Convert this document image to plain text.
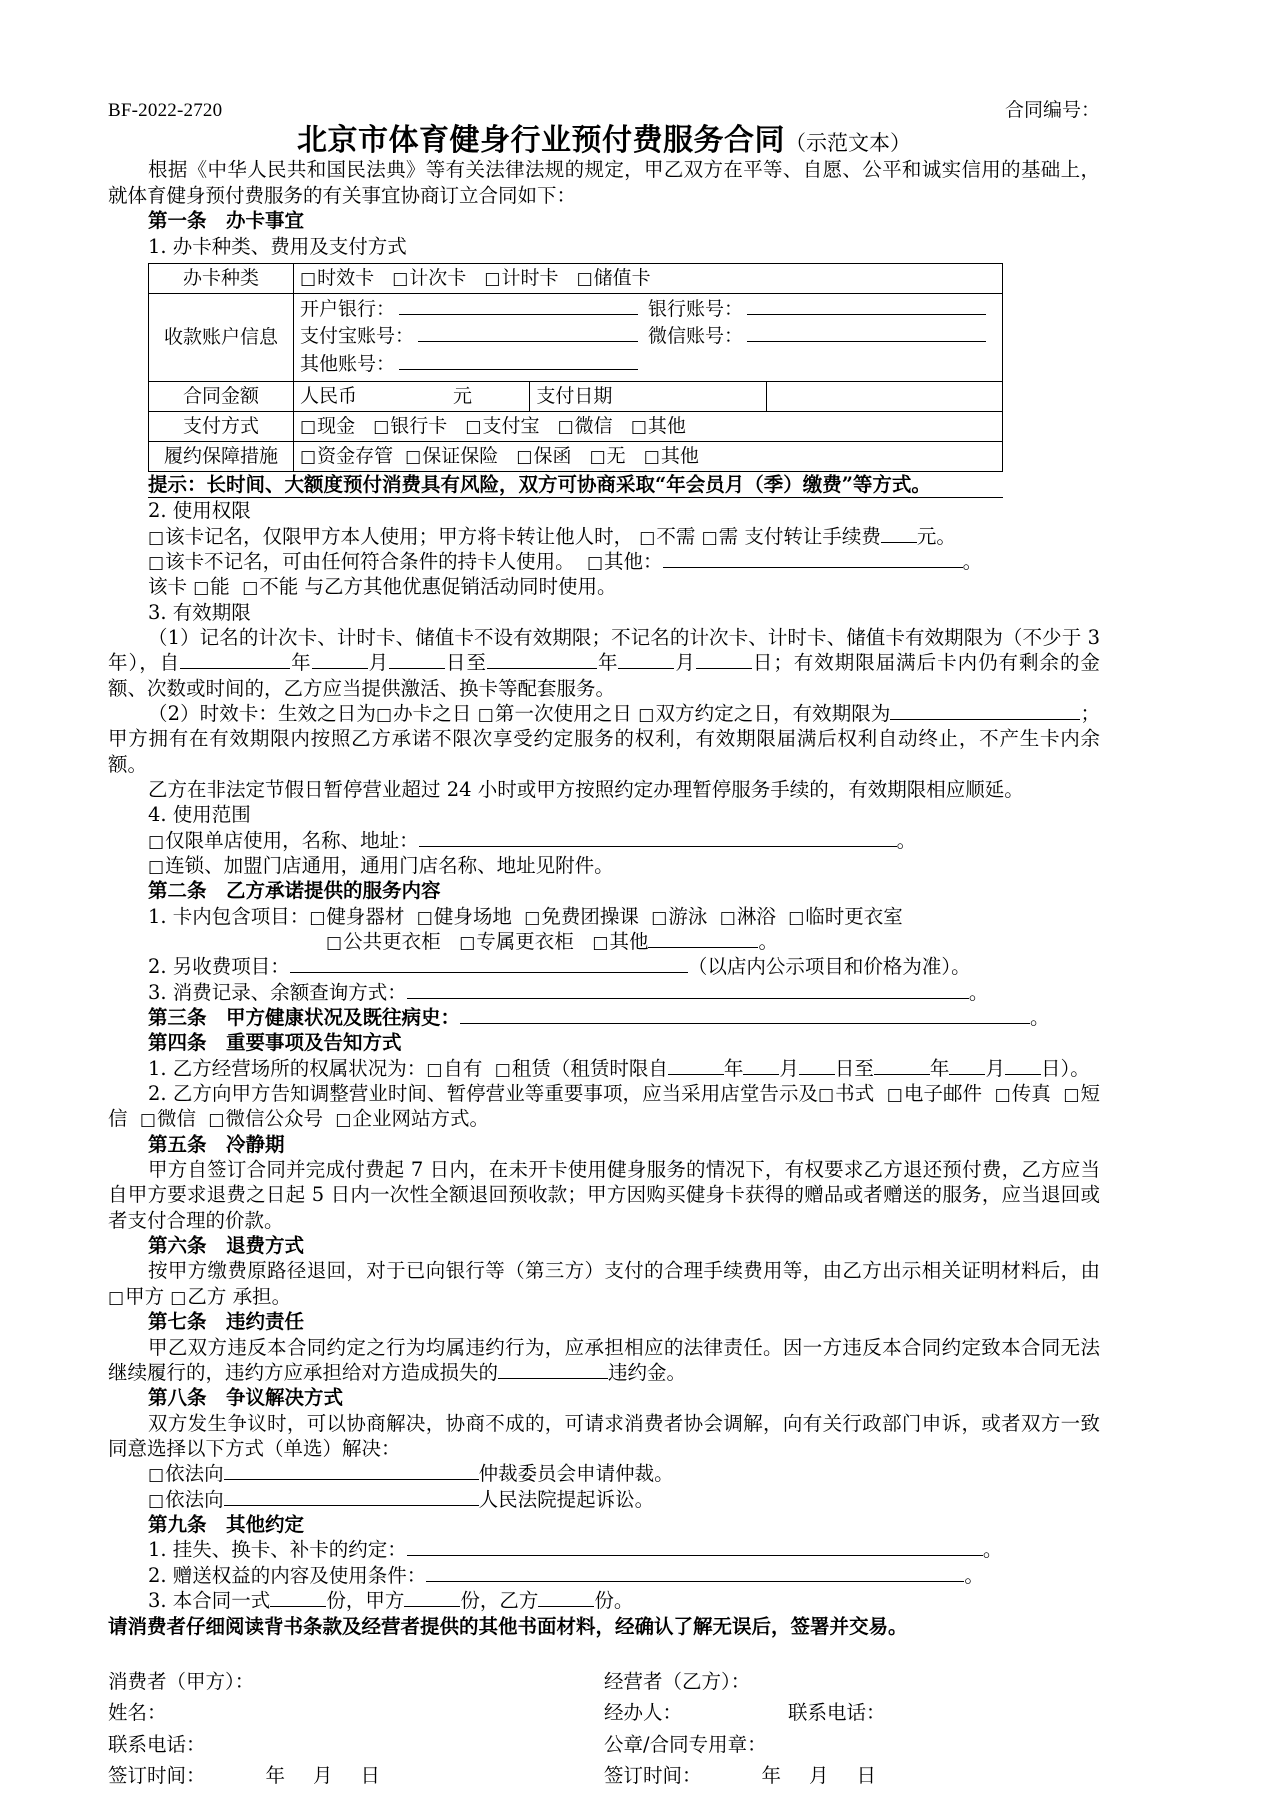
BF-2022-2720	合同编号：
北京市体育健身行业预付费服务合同（示范文本）

根据《中华人民共和国民法典》等有关法律法规的规定，甲乙双方在平等、自愿、公平和诚实信用的基础上，就体育健身预付费服务的有关事宜协商订立合同如下：

第一条　办卡事宜

1. 办卡种类、费用及支付方式

办卡种类	□ 时效卡 □ 计次卡 □ 计时卡 □ 储值卡
收款账户信息	开户银行： 银行账号：
支付宝账号： 微信账号：
其他账号：		

合同金额	人民币 元	支付日期	
支付方式	□ 现金 □ 银行卡 □ 支付宝 □ 微信 □ 其他
履约保障措施	□ 资金存管 □ 保证保险 □ 保函 □ 无 □ 其他
提示：长时间、大额度预付消费具有风险，双方可协商采取“年会员月（季）缴费”等方式。

2. 使用权限

□ 该卡记名，仅限甲方本人使用；甲方将卡转让他人时， □ 不需 □ 需 支付转让手续费 元。

□ 该卡不记名，可由任何符合条件的持卡人使用。 □ 其他：	。

该卡 □ 能 □ 不能 与乙方其他优惠促销活动同时使用。

3. 有效期限

（1）记名的计次卡、计时卡、储值卡不设有效期限；不记名的计次卡、计时卡、储值卡有效期限为（不少于 3 年），自	年	月	日至	年	月	日；有效期限届满后卡内仍有剩余的金额、次数或时间的，乙方应当提供激活、换卡等配套服务。

（2）时效卡：生效之日为 □ 办卡之日 □ 第一次使用之日 □ 双方约定之日，有效期限为	；甲方拥有在有效期限内按照乙方承诺不限次享受约定服务的权利，有效期限届满后权利自动终止，不产生卡内余额。

乙方在非法定节假日暂停营业超过 24 小时或甲方按照约定办理暂停服务手续的，有效期限相应顺延。

4. 使用范围

□ 仅限单店使用，名称、地址：	。

□ 连锁、加盟门店通用，通用门店名称、地址见附件。

第二条　乙方承诺提供的服务内容

1. 卡内包含项目： □ 健身器材 □ 健身场地 □ 免费团操课 □ 游泳 □ 淋浴 □ 临时更衣室

□ 公共更衣柜 □ 专属更衣柜 □ 其他	。

2. 另收费项目：	（以店内公示项目和价格为准）。

3. 消费记录、余额查询方式：	。

第三条　甲方健康状况及既往病史：	。

第四条　重要事项及告知方式

1. 乙方经营场所的权属状况为： □ 自有 □ 租赁（租赁时限自	年 月 日至	年 月 日）。

2. 乙方向甲方告知调整营业时间、暂停营业等重要事项，应当采用店堂告示及 □ 书式 □ 电子邮件 □ 传真 □ 短信 □ 微信 □ 微信公众号 □ 企业网站方式。

第五条　冷静期

甲方自签订合同并完成付费起 7 日内，在未开卡使用健身服务的情况下，有权要求乙方退还预付费，乙方应当自甲方要求退费之日起 5 日内一次性全额退回预收款；甲方因购买健身卡获得的赠品或者赠送的服务，应当退回或者支付合理的价款。

第六条　退费方式

按甲方缴费原路径退回，对于已向银行等（第三方）支付的合理手续费用等，由乙方出示相关证明材料后，由□ 甲方 □ 乙方 承担。

第七条　违约责任

甲乙双方违反本合同约定之行为均属违约行为，应承担相应的法律责任。因一方违反本合同约定致本合同无法继续履行的，违约方应承担给对方造成损失的	违约金。

第八条　争议解决方式

双方发生争议时，可以协商解决，协商不成的，可请求消费者协会调解，向有关行政部门申诉，或者双方一致同意选择以下方式（单选）解决：

□ 依法向	仲裁委员会申请仲裁。

□ 依法向	人民法院提起诉讼。

第九条　其他约定

1. 挂失、换卡、补卡的约定：	。

2. 赠送权益的内容及使用条件：	。

3. 本合同一式	份，甲方	份，乙方	份。

请消费者仔细阅读背书条款及经营者提供的其他书面材料，经确认了解无误后，签署并交易。

消费者（甲方）：
姓名：
联系电话：
签订时间：	年 月 日
经营者（乙方）：
经办人：	联系电话：
公章/合同专用章：
签订时间：	年 月 日
